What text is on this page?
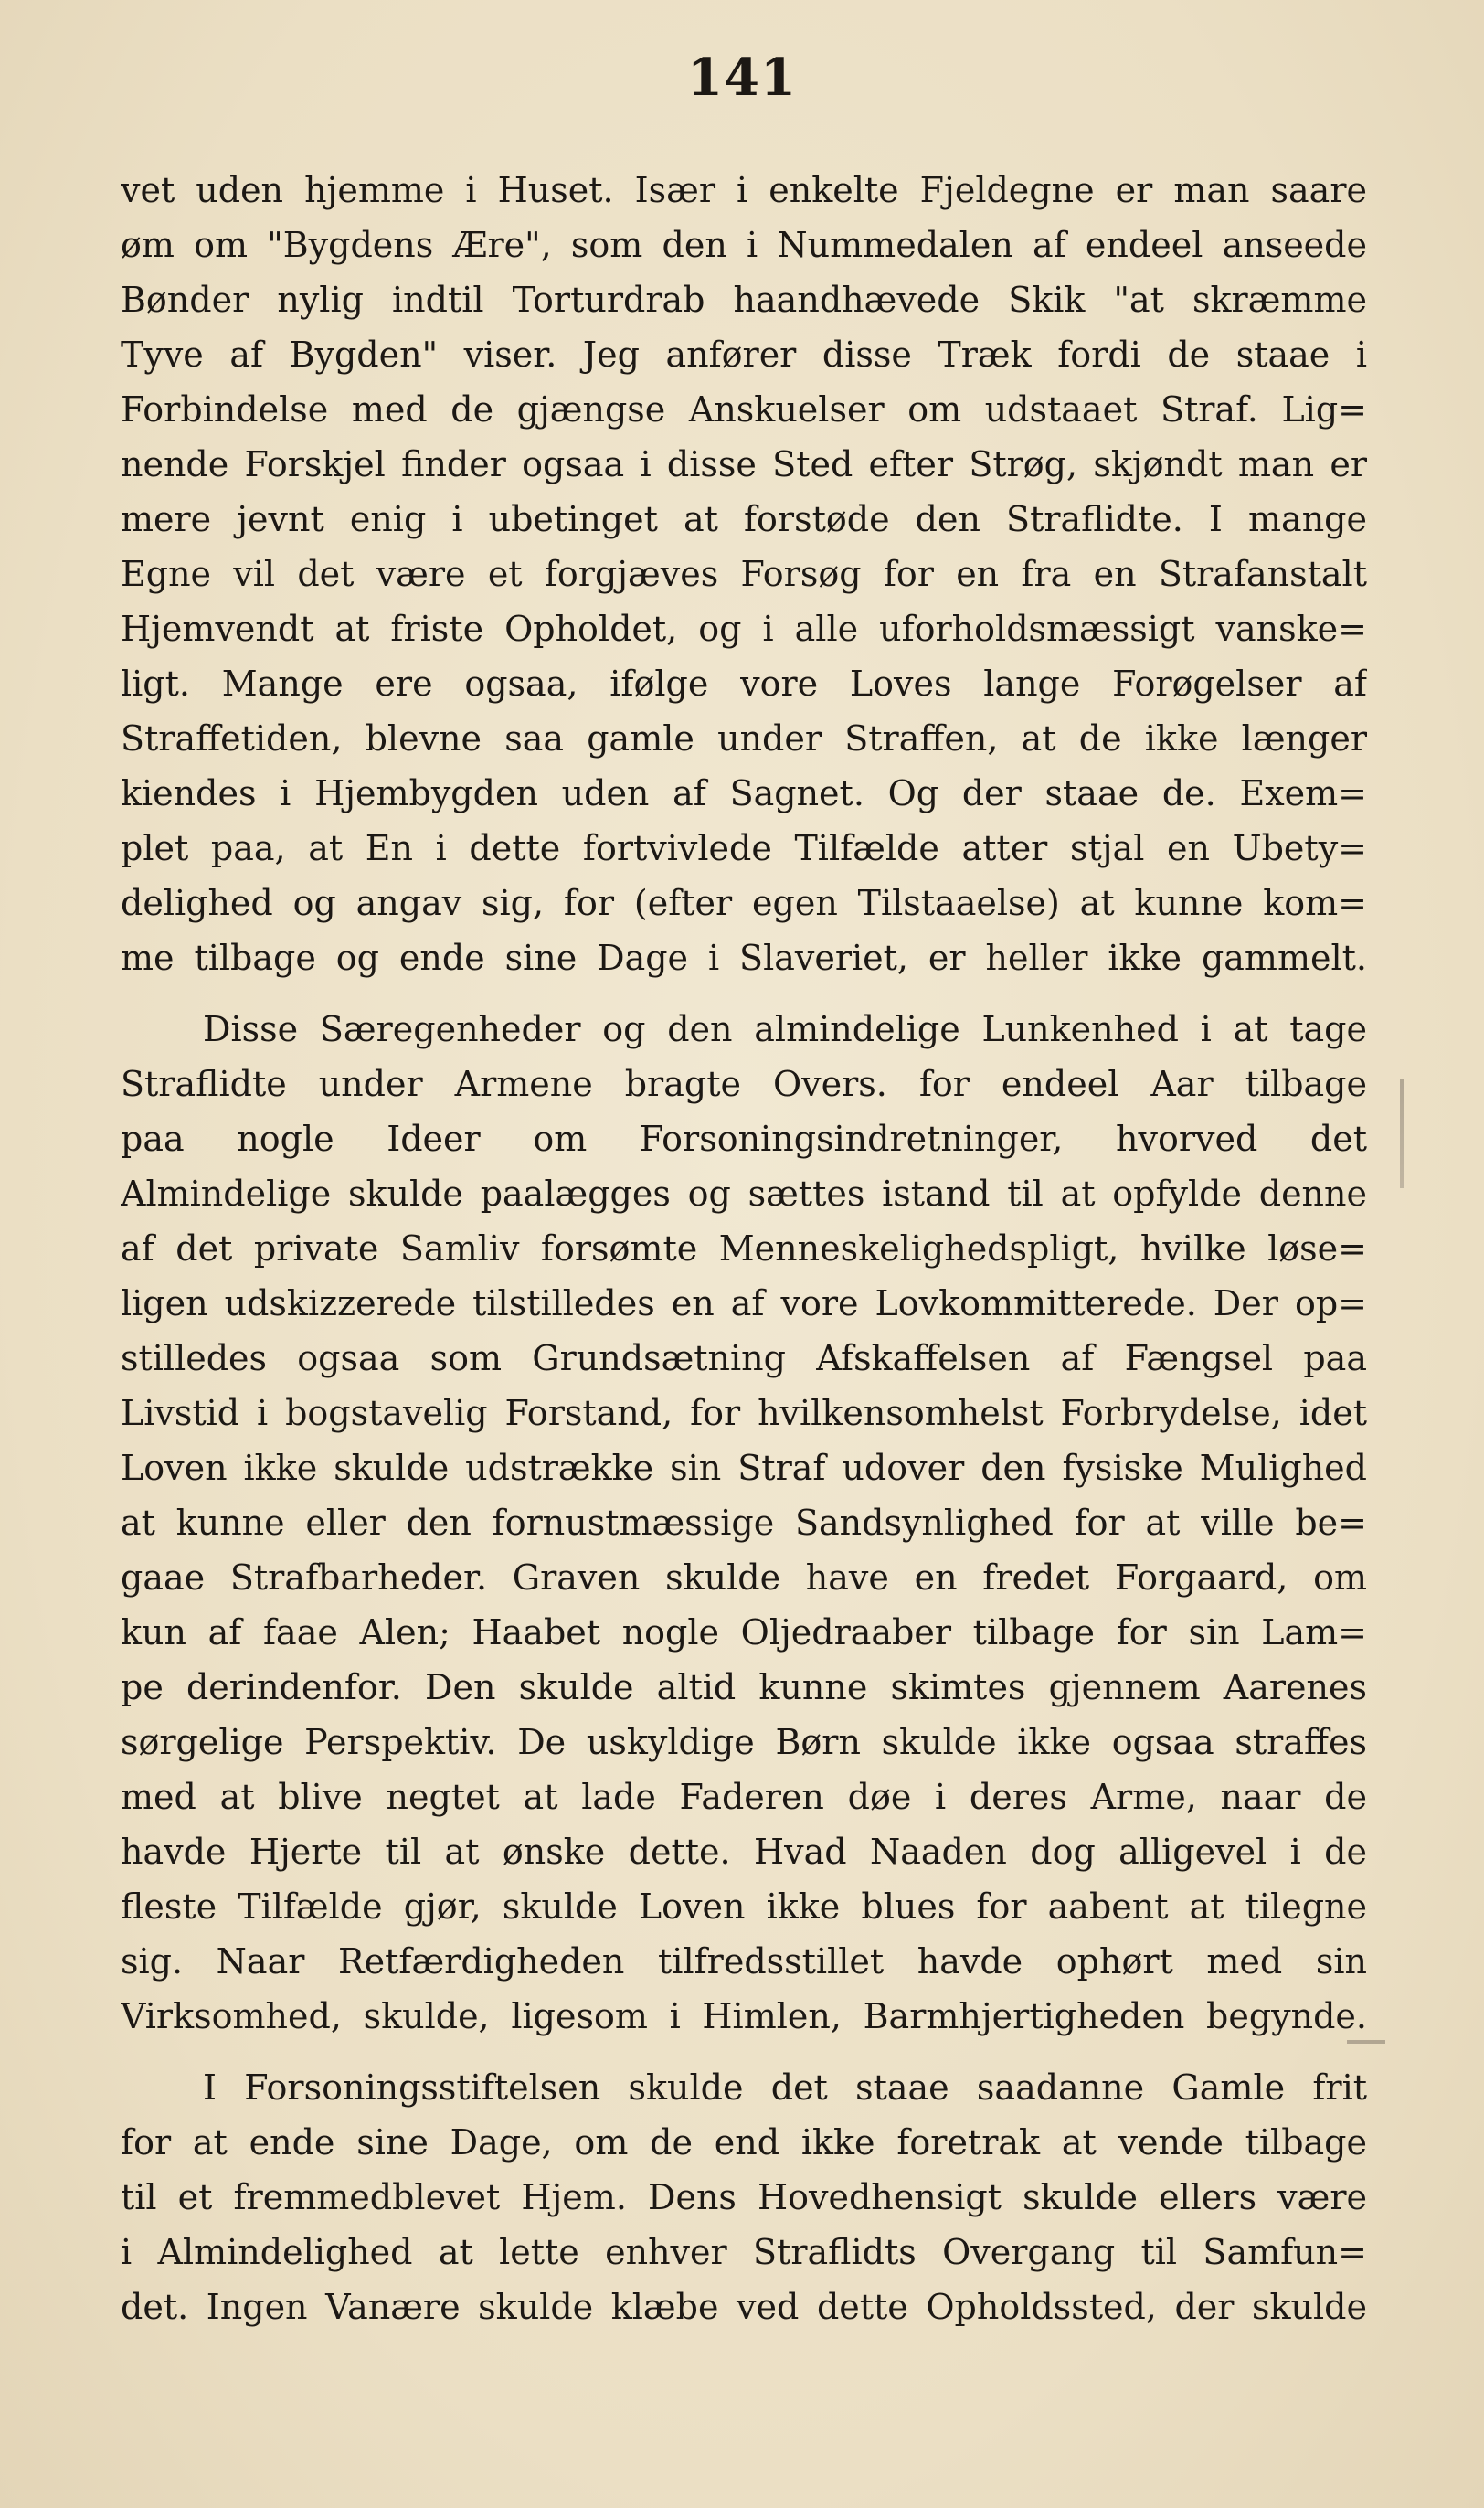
141
vet uden hjemme i Huset. Især i enkelte Fjeldegne er man saare
øm om "Bygdens Ære", som den i Nummedalen af endeel anseede
Bønder nylig indtil Torturdrab haandhævede Skik "at skræmme
Tyve af Bygden" viser. Jeg anfører disse Træk fordi de staae i
Forbindelse med de gjængse Anskuelser om udstaaet Straf. Lig=
nende Forskjel finder ogsaa i disse Sted efter Strøg, skjøndt man er
mere jevnt enig i ubetinget at forstøde den Straflidte. I mange
Egne vil det være et forgjæves Forsøg for en fra en Strafanstalt
Hjemvendt at friste Opholdet, og i alle uforholdsmæssigt vanske=
ligt. Mange ere ogsaa, ifølge vore Loves lange Forøgelser af
Straffetiden, blevne saa gamle under Straffen, at de ikke længer
kiendes i Hjembygden uden af Sagnet. Og der staae de. Exem=
plet paa, at En i dette fortvivlede Tilfælde atter stjal en Ubety=
delighed og angav sig, for (efter egen Tilstaaelse) at kunne kom=
me tilbage og ende sine Dage i Slaveriet, er heller ikke gammelt.
Disse Særegenheder og den almindelige Lunkenhed i at tage
Straflidte under Armene bragte Overs. for endeel Aar tilbage
paa nogle Ideer om Forsoningsindretninger, hvorved det
Almindelige skulde paalægges og sættes istand til at opfylde denne
af det private Samliv forsømte Menneskelighedspligt, hvilke løse=
ligen udskizzerede tilstilledes en af vore Lovkommitterede. Der op=
stilledes ogsaa som Grundsætning Afskaffelsen af Fængsel paa
Livstid i bogstavelig Forstand, for hvilkensomhelst Forbrydelse, idet
Loven ikke skulde udstrække sin Straf udover den fysiske Mulighed
at kunne eller den fornustmæssige Sandsynlighed for at ville be=
gaae Strafbarheder. Graven skulde have en fredet Forgaard, om
kun af faae Alen; Haabet nogle Oljedraaber tilbage for sin Lam=
pe derindenfor. Den skulde altid kunne skimtes gjennem Aarenes
sørgelige Perspektiv. De uskyldige Børn skulde ikke ogsaa straffes
med at blive negtet at lade Faderen døe i deres Arme, naar de
havde Hjerte til at ønske dette. Hvad Naaden dog alligevel i de
fleste Tilfælde gjør, skulde Loven ikke blues for aabent at tilegne
sig. Naar Retfærdigheden tilfredsstillet havde ophørt med sin
Virksomhed, skulde, ligesom i Himlen, Barmhjertigheden begynde.
I Forsoningsstiftelsen skulde det staae saadanne Gamle frit
for at ende sine Dage, om de end ikke foretrak at vende tilbage
til et fremmedblevet Hjem. Dens Hovedhensigt skulde ellers være
i Almindelighed at lette enhver Straflidts Overgang til Samfun=
det. Ingen Vanære skulde klæbe ved dette Opholdssted, der skulde
